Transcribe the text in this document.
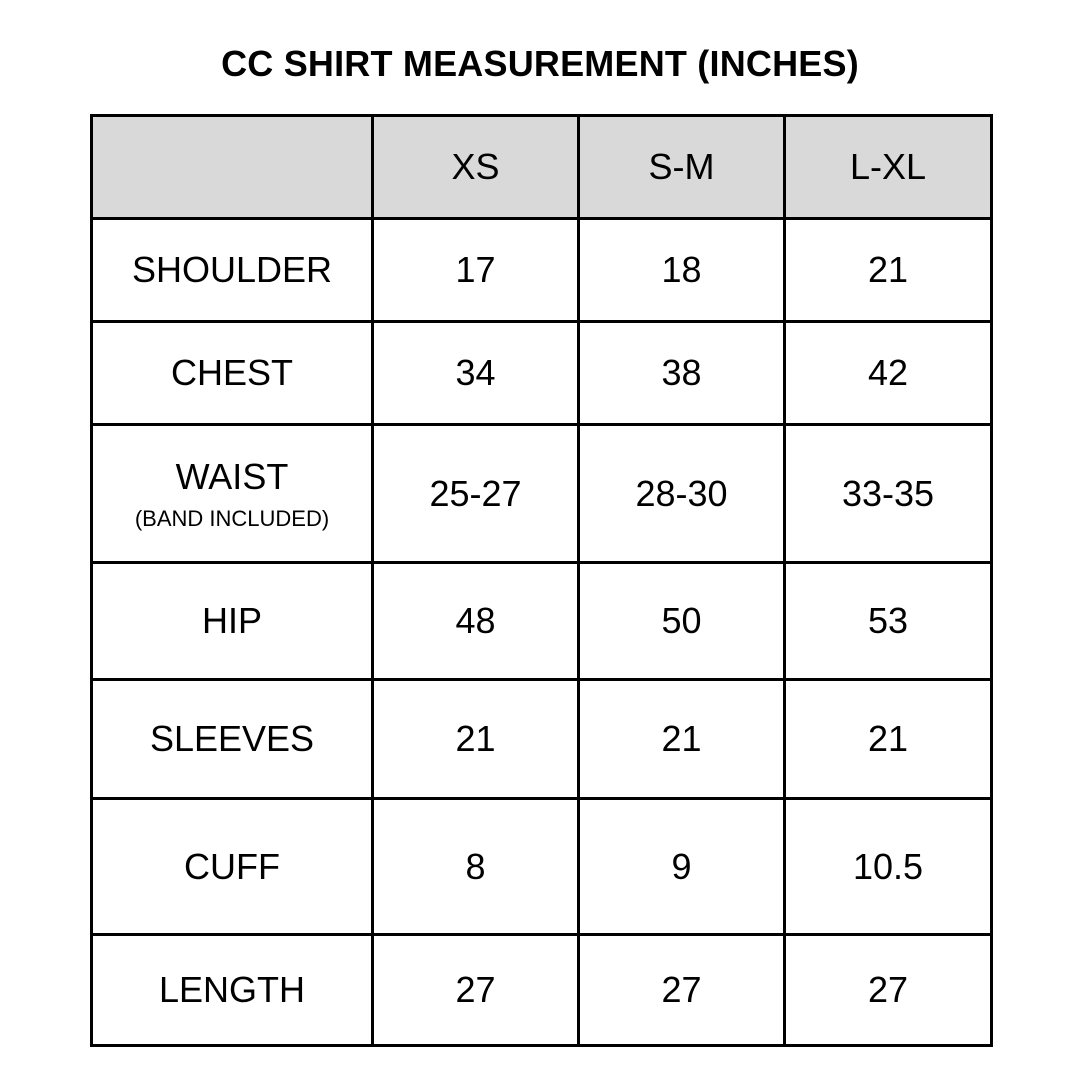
CC SHIRT MEASUREMENT (INCHES)
	XS	S-M	L-XL
SHOULDER	17	18	21
CHEST	34	38	42

WAIST
(BAND INCLUDED)	25-27	28-30	33-35
HIP	48	50	53
SLEEVES	21	21	21
CUFF	8	9	10.5
LENGTH	27	27	27
